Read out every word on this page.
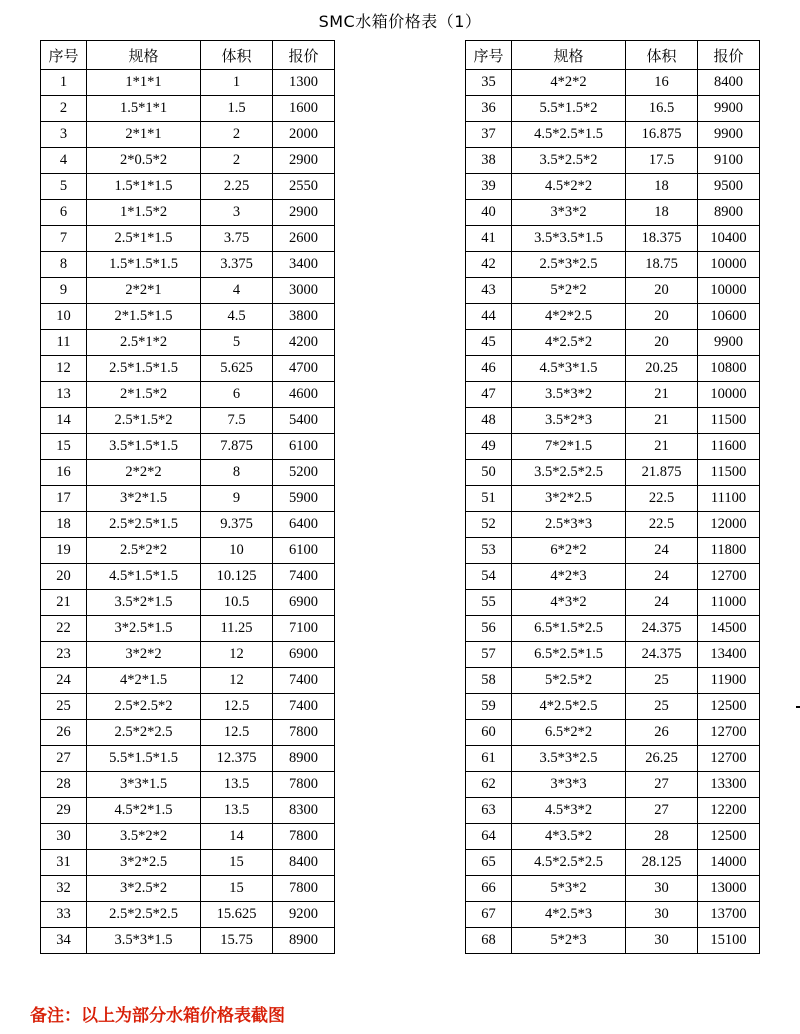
SMC水箱价格表（1）
序号	规格	体积	报价
1	1*1*1	1	1300
2	1.5*1*1	1.5	1600
3	2*1*1	2	2000
4	2*0.5*2	2	2900
5	1.5*1*1.5	2.25	2550
6	1*1.5*2	3	2900
7	2.5*1*1.5	3.75	2600
8	1.5*1.5*1.5	3.375	3400
9	2*2*1	4	3000
10	2*1.5*1.5	4.5	3800
11	2.5*1*2	5	4200
12	2.5*1.5*1.5	5.625	4700
13	2*1.5*2	6	4600
14	2.5*1.5*2	7.5	5400
15	3.5*1.5*1.5	7.875	6100
16	2*2*2	8	5200
17	3*2*1.5	9	5900
18	2.5*2.5*1.5	9.375	6400
19	2.5*2*2	10	6100
20	4.5*1.5*1.5	10.125	7400
21	3.5*2*1.5	10.5	6900
22	3*2.5*1.5	11.25	7100
23	3*2*2	12	6900
24	4*2*1.5	12	7400
25	2.5*2.5*2	12.5	7400
26	2.5*2*2.5	12.5	7800
27	5.5*1.5*1.5	12.375	8900
28	3*3*1.5	13.5	7800
29	4.5*2*1.5	13.5	8300
30	3.5*2*2	14	7800
31	3*2*2.5	15	8400
32	3*2.5*2	15	7800
33	2.5*2.5*2.5	15.625	9200
34	3.5*3*1.5	15.75	8900
序号	规格	体积	报价
35	4*2*2	16	8400
36	5.5*1.5*2	16.5	9900
37	4.5*2.5*1.5	16.875	9900
38	3.5*2.5*2	17.5	9100
39	4.5*2*2	18	9500
40	3*3*2	18	8900
41	3.5*3.5*1.5	18.375	10400
42	2.5*3*2.5	18.75	10000
43	5*2*2	20	10000
44	4*2*2.5	20	10600
45	4*2.5*2	20	9900
46	4.5*3*1.5	20.25	10800
47	3.5*3*2	21	10000
48	3.5*2*3	21	11500
49	7*2*1.5	21	11600
50	3.5*2.5*2.5	21.875	11500
51	3*2*2.5	22.5	11100
52	2.5*3*3	22.5	12000
53	6*2*2	24	11800
54	4*2*3	24	12700
55	4*3*2	24	11000
56	6.5*1.5*2.5	24.375	14500
57	6.5*2.5*1.5	24.375	13400
58	5*2.5*2	25	11900
59	4*2.5*2.5	25	12500
60	6.5*2*2	26	12700
61	3.5*3*2.5	26.25	12700
62	3*3*3	27	13300
63	4.5*3*2	27	12200
64	4*3.5*2	28	12500
65	4.5*2.5*2.5	28.125	14000
66	5*3*2	30	13000
67	4*2.5*3	30	13700
68	5*2*3	30	15100
备注：以上为部分水箱价格表截图
